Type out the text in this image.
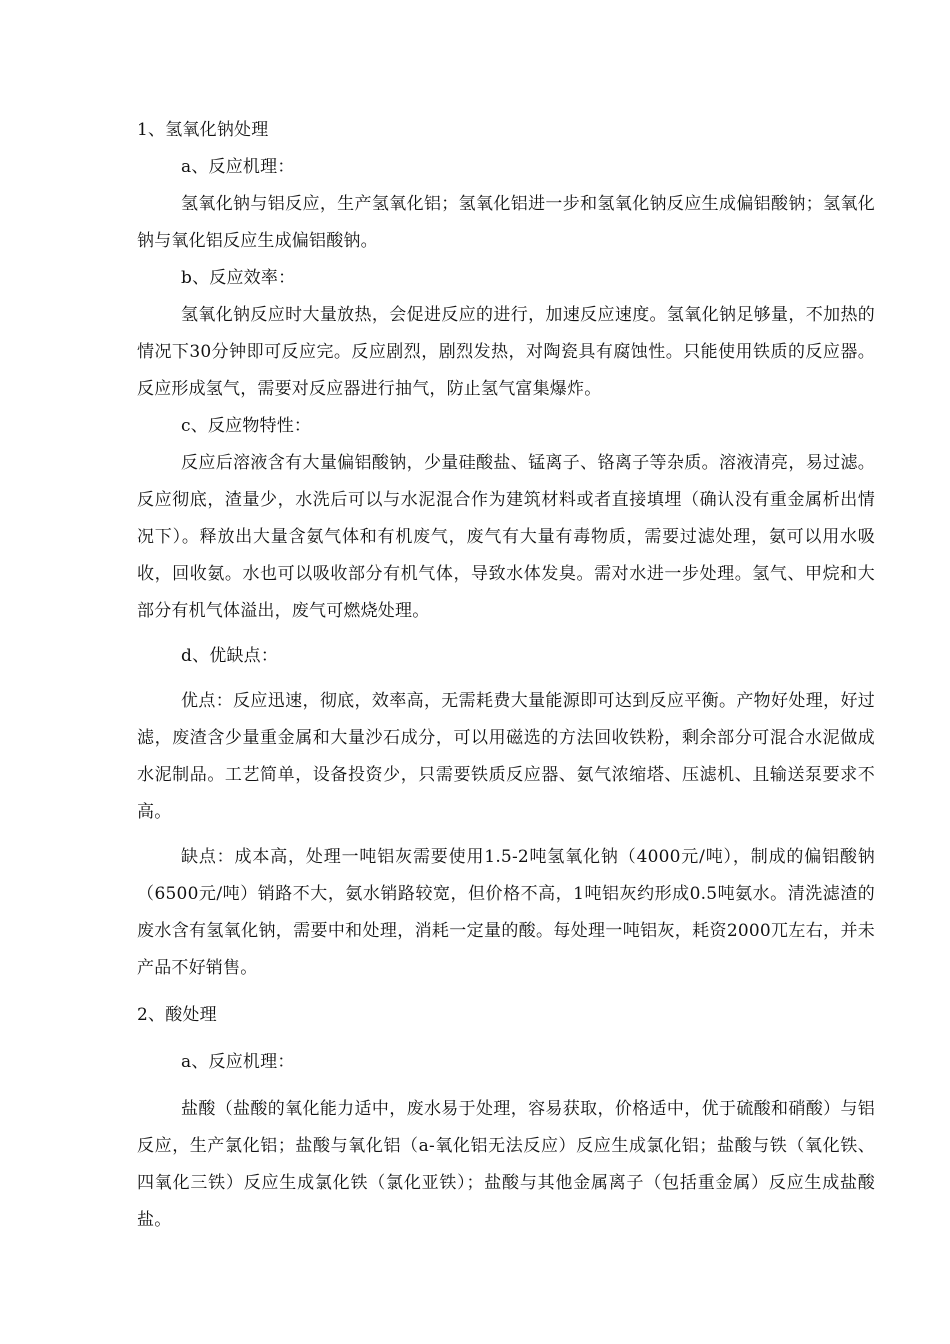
1、氢氧化钠处理

a、反应机理：

氢氧化钠与铝反应，生产氢氧化铝；氢氧化铝进一步和氢氧化钠反应生成偏铝酸钠；氢氧化钠与氧化铝反应生成偏铝酸钠。

b、反应效率：

氢氧化钠反应时大量放热，会促进反应的进行，加速反应速度。氢氧化钠足够量，不加热的情况下30分钟即可反应完。反应剧烈，剧烈发热，对陶瓷具有腐蚀性。只能使用铁质的反应器。反应形成氢气，需要对反应器进行抽气，防止氢气富集爆炸。

c、反应物特性：

反应后溶液含有大量偏铝酸钠，少量硅酸盐、锰离子、铬离子等杂质。溶液清亮，易过滤。反应彻底，渣量少，水洗后可以与水泥混合作为建筑材料或者直接填埋（确认没有重金属析出情况下）。释放出大量含氨气体和有机废气，废气有大量有毒物质，需要过滤处理，氨可以用水吸收，回收氨。水也可以吸收部分有机气体，导致水体发臭。需对水进一步处理。氢气、甲烷和大部分有机气体溢出，废气可燃烧处理。

d、优缺点：

优点：反应迅速，彻底，效率高，无需耗费大量能源即可达到反应平衡。产物好处理，好过滤，废渣含少量重金属和大量沙石成分，可以用磁选的方法回收铁粉，剩余部分可混合水泥做成水泥制品。工艺简单，设备投资少，只需要铁质反应器、氨气浓缩塔、压滤机、且输送泵要求不高。

缺点：成本高，处理一吨铝灰需要使用1.5-2吨氢氧化钠（4000元/吨），制成的偏铝酸钠（6500元/吨）销路不大，氨水销路较宽，但价格不高，1吨铝灰约形成0.5吨氨水。清洗滤渣的废水含有氢氧化钠，需要中和处理，消耗一定量的酸。每处理一吨铝灰，耗资2000兀左右，并未产品不好销售。

2、酸处理

a、反应机理：

盐酸（盐酸的氧化能力适中，废水易于处理，容易获取，价格适中，优于硫酸和硝酸）与铝反应，生产氯化铝；盐酸与氧化铝（a-氧化铝无法反应）反应生成氯化铝；盐酸与铁（氧化铁、四氧化三铁）反应生成氯化铁（氯化亚铁）；盐酸与其他金属离子（包括重金属）反应生成盐酸盐。
